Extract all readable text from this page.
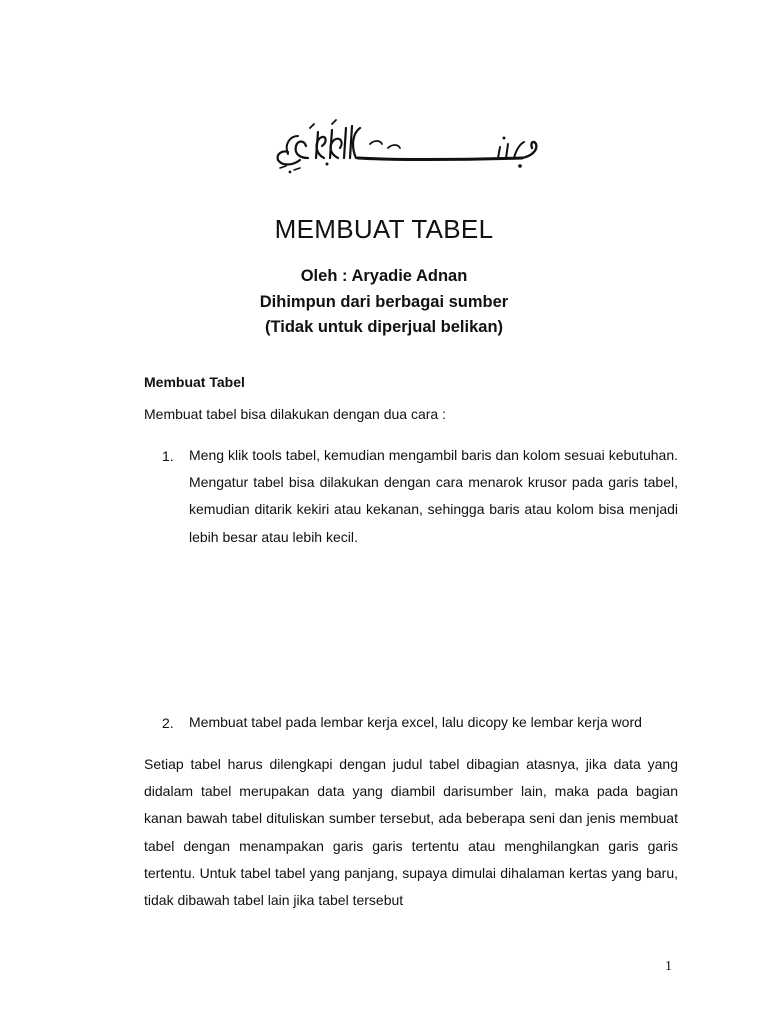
MEMBUAT TABEL
Oleh : Aryadie Adnan
Dihimpun dari berbagai sumber
(Tidak untuk diperjual belikan)
Membuat Tabel
Membuat tabel bisa dilakukan dengan dua cara :
1. Meng klik tools tabel, kemudian mengambil baris dan kolom sesuai kebutuhan. Mengatur tabel bisa dilakukan dengan cara menarok krusor pada garis tabel, kemudian ditarik kekiri atau kekanan, sehingga baris atau kolom bisa menjadi lebih besar atau lebih kecil.
2. Membuat tabel pada lembar kerja excel, lalu dicopy ke lembar kerja word
Setiap tabel harus dilengkapi dengan judul tabel dibagian atasnya, jika data yang didalam tabel merupakan data yang diambil darisumber lain, maka pada bagian kanan bawah tabel dituliskan sumber tersebut, ada beberapa seni dan jenis membuat tabel dengan menampakan garis garis tertentu atau menghilangkan garis garis tertentu. Untuk tabel tabel yang panjang, supaya dimulai dihalaman kertas yang baru, tidak dibawah tabel lain jika tabel tersebut
1
